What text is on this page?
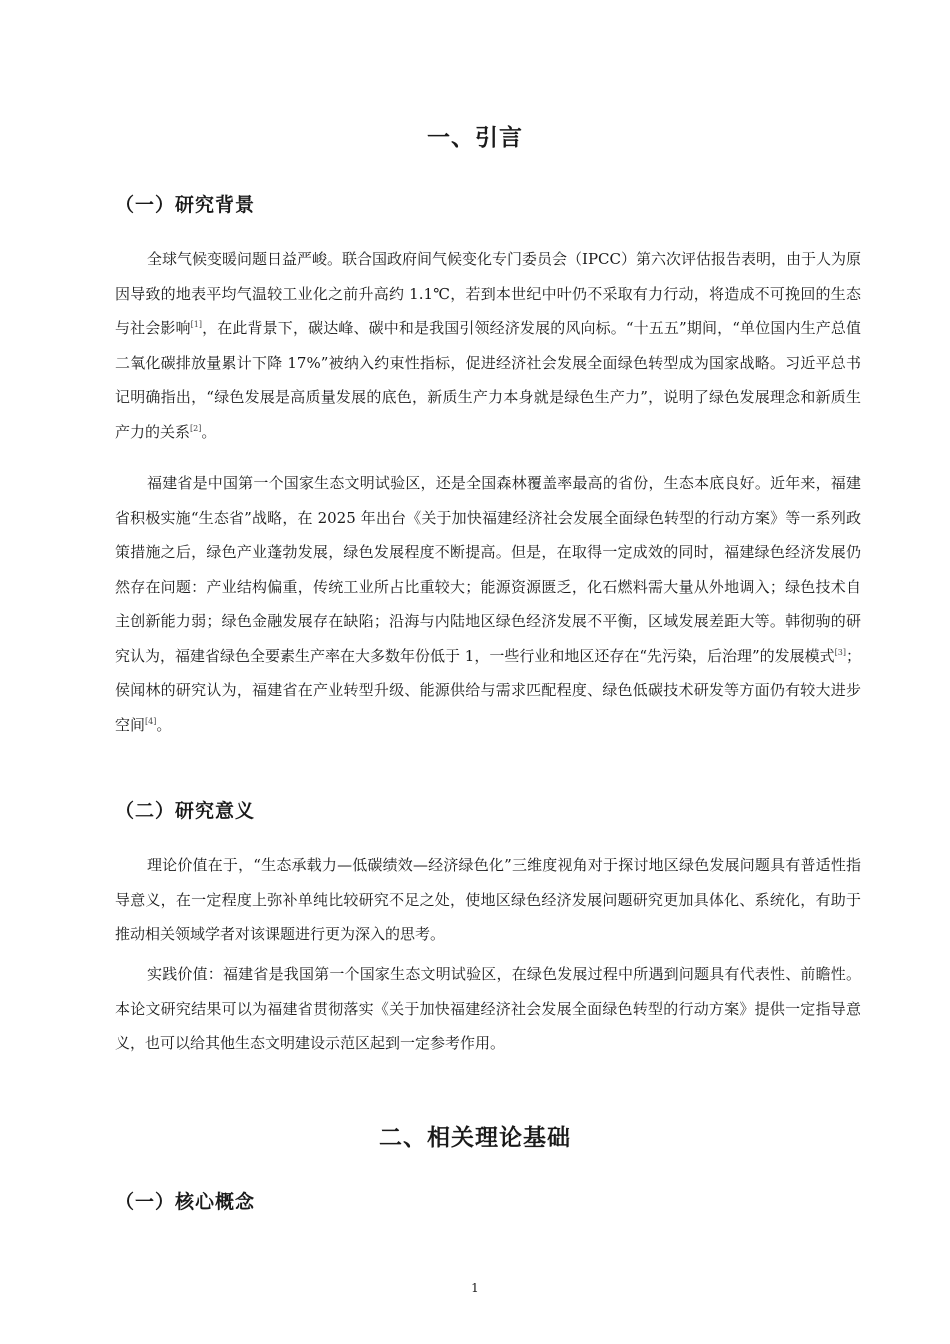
一、引言
（一）研究背景

全球气候变暖问题日益严峻。联合国政府间气候变化专门委员会（IPCC）第六次评估报告表明，由于人为原因导致的地表平均气温较工业化之前升高约 1.1℃，若到本世纪中叶仍不采取有力行动，将造成不可挽回的生态与社会影响[1]，在此背景下，碳达峰、碳中和是我国引领经济发展的风向标。“十五五”期间，“单位国内生产总值二氧化碳排放量累计下降 17%”被纳入约束性指标，促进经济社会发展全面绿色转型成为国家战略。习近平总书记明确指出，“绿色发展是高质量发展的底色，新质生产力本身就是绿色生产力”，说明了绿色发展理念和新质生产力的关系[2]。

福建省是中国第一个国家生态文明试验区，还是全国森林覆盖率最高的省份，生态本底良好。近年来，福建省积极实施“生态省”战略，在 2025 年出台《关于加快福建经济社会发展全面绿色转型的行动方案》等一系列政策措施之后，绿色产业蓬勃发展，绿色发展程度不断提高。但是，在取得一定成效的同时，福建绿色经济发展仍然存在问题：产业结构偏重，传统工业所占比重较大；能源资源匮乏，化石燃料需大量从外地调入；绿色技术自主创新能力弱；绿色金融发展存在缺陷；沿海与内陆地区绿色经济发展不平衡，区域发展差距大等。韩彻驹的研究认为，福建省绿色全要素生产率在大多数年份低于 1，一些行业和地区还存在“先污染，后治理”的发展模式[3]；侯闻林的研究认为，福建省在产业转型升级、能源供给与需求匹配程度、绿色低碳技术研发等方面仍有较大进步空间[4]。

（二）研究意义

理论价值在于，“生态承载力—低碳绩效—经济绿色化”三维度视角对于探讨地区绿色发展问题具有普适性指导意义，在一定程度上弥补单纯比较研究不足之处，使地区绿色经济发展问题研究更加具体化、系统化，有助于推动相关领域学者对该课题进行更为深入的思考。

实践价值：福建省是我国第一个国家生态文明试验区，在绿色发展过程中所遇到问题具有代表性、前瞻性。本论文研究结果可以为福建省贯彻落实《关于加快福建经济社会发展全面绿色转型的行动方案》提供一定指导意义，也可以给其他生态文明建设示范区起到一定参考作用。

二、相关理论基础
（一）核心概念
1
